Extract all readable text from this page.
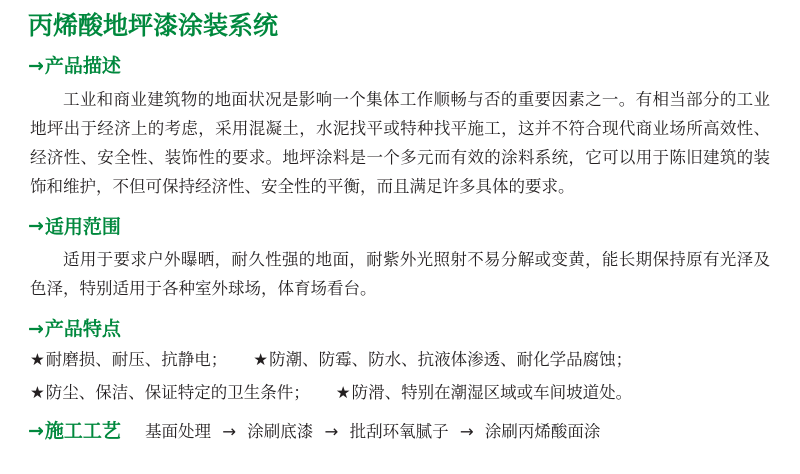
丙烯酸地坪漆涂装系统
→ 产品描述

工业和商业建筑物的地面状况是影响一个集体工作顺畅与否的重要因素之一。有相当部分的工业地坪出于经济上的考虑，采用混凝土，水泥找平或特种找平施工，这并不符合现代商业场所高效性、经济性、安全性、装饰性的要求。地坪涂料是一个多元而有效的涂料系统，它可以用于陈旧建筑的装饰和维护，不但可保持经济性、安全性的平衡，而且满足许多具体的要求。

→ 适用范围

适用于要求户外曝晒，耐久性强的地面，耐紫外光照射不易分解或变黄，能长期保持原有光泽及色泽，特别适用于各种室外球场，体育场看台。

→ 产品特点
★ 耐磨损、耐压、抗静电； ★ 防潮、防霉、防水、抗液体渗透、耐化学品腐蚀；
★ 防尘、保洁、保证特定的卫生条件； ★ 防滑、特别在潮湿区域或车间坡道处。
→ 施工工艺 基面处理 → 涂刷底漆 → 批刮环氧腻子 → 涂刷丙烯酸面涂
